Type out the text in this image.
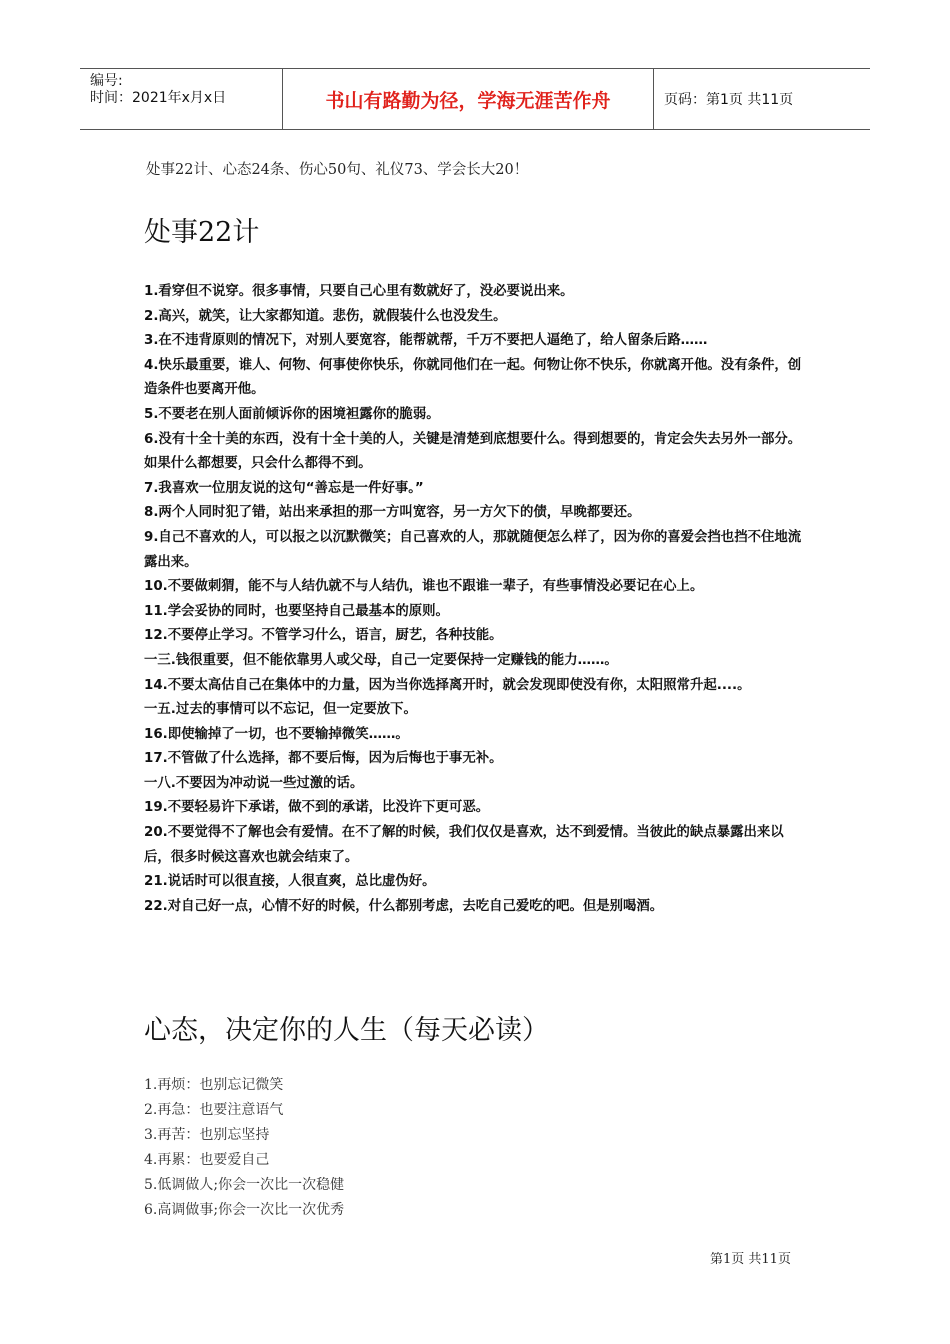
编号:
时间：2021年x月x日	书山有路勤为径，学海无涯苦作舟	页码：第1页 共11页
处事22计、心态24条、伤心50句、礼仪73、学会长大20！
处事22计

1.看穿但不说穿。很多事情，只要自己心里有数就好了，没必要说出来。

2.高兴，就笑，让大家都知道。悲伤，就假装什么也没发生。

3.在不违背原则的情况下，对别人要宽容，能帮就帮，千万不要把人逼绝了，给人留条后路……

4.快乐最重要，谁人、何物、何事使你快乐，你就同他们在一起。何物让你不快乐，你就离开他。没有条件，创造条件也要离开他。

5.不要老在别人面前倾诉你的困境袒露你的脆弱。

6.没有十全十美的东西，没有十全十美的人，关键是清楚到底想要什么。得到想要的，肯定会失去另外一部分。如果什么都想要，只会什么都得不到。

7.我喜欢一位朋友说的这句“善忘是一件好事。”

8.两个人同时犯了错，站出来承担的那一方叫宽容，另一方欠下的债，早晚都要还。

9.自己不喜欢的人，可以报之以沉默微笑；自己喜欢的人，那就随便怎么样了，因为你的喜爱会挡也挡不住地流露出来。

10.不要做刺猬，能不与人结仇就不与人结仇，谁也不跟谁一辈子，有些事情没必要记在心上。

11.学会妥协的同时，也要坚持自己最基本的原则。

12.不要停止学习。不管学习什么，语言，厨艺，各种技能。

一三.钱很重要，但不能依靠男人或父母，自己一定要保持一定赚钱的能力……。

14.不要太高估自己在集体中的力量，因为当你选择离开时，就会发现即使没有你，太阳照常升起....。

一五.过去的事情可以不忘记，但一定要放下。

16.即使输掉了一切，也不要输掉微笑……。

17.不管做了什么选择，都不要后悔，因为后悔也于事无补。

一八.不要因为冲动说一些过激的话。

19.不要轻易许下承诺，做不到的承诺，比没许下更可恶。

20.不要觉得不了解也会有爱情。在不了解的时候，我们仅仅是喜欢，达不到爱情。当彼此的缺点暴露出来以后，很多时候这喜欢也就会结束了。

21.说话时可以很直接，人很直爽，总比虚伪好。

22.对自己好一点，心情不好的时候，什么都别考虑，去吃自己爱吃的吧。但是别喝酒。

心态，决定你的人生（每天必读）

1.再烦：也别忘记微笑

2.再急：也要注意语气

3.再苦：也别忘坚持

4.再累：也要爱自己

5.低调做人;你会一次比一次稳健

6.高调做事;你会一次比一次优秀

第1页 共11页
